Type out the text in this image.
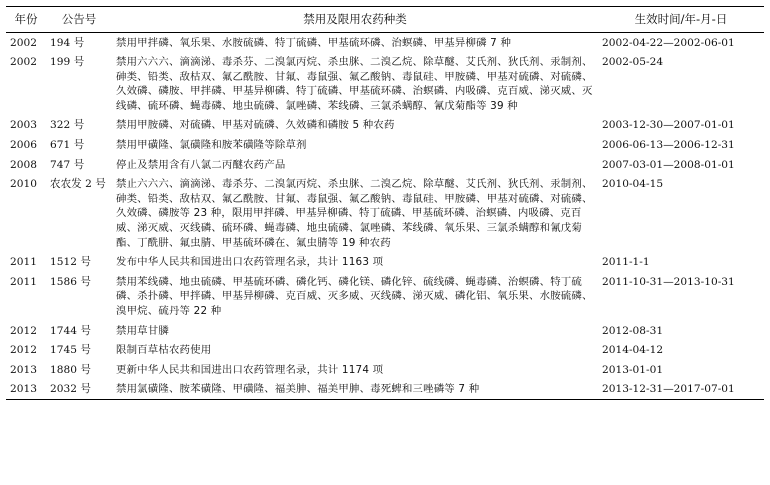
年份	公告号	禁用及限用农药种类	生效时间/年-月-日
2002	194 号	禁用甲拌磷、氧乐果、水胺硫磷、特丁硫磷、甲基硫环磷、治螟磷、甲基异柳磷 7 种	2002-04-22—2002-06-01
2002	199 号	禁用六六六、滴滴涕、毒杀芬、二溴氯丙烷、杀虫脒、二溴乙烷、除草醚、艾氏剂、狄氏剂、汞制剂、砷类、铅类、敌枯双、氟乙酰胺、甘氟、毒鼠强、氟乙酸钠、毒鼠硅、甲胺磷、甲基对硫磷、对硫磷、久效磷、磷胺、甲拌磷、甲基异柳磷、特丁硫磷、甲基硫环磷、治螟磷、内吸磷、克百威、涕灭威、灭线磷、硫环磷、蝇毒磷、地虫硫磷、氯唑磷、苯线磷、三氯杀螨醇、氰戊菊酯等 39 种	2002-05-24
2003	322 号	禁用甲胺磷、对硫磷、甲基对硫磷、久效磷和磷胺 5 种农药	2003-12-30—2007-01-01
2006	671 号	禁用甲磺隆、氯磺隆和胺苯磺隆等除草剂	2006-06-13—2006-12-31
2008	747 号	停止及禁用含有八氯二丙醚农药产品	2007-03-01—2008-01-01
2010	农农发 2 号	禁止六六六、滴滴涕、毒杀芬、二溴氯丙烷、杀虫脒、二溴乙烷、除草醚、艾氏剂、狄氏剂、汞制剂、砷类、铅类、敌枯双、氟乙酰胺、甘氟、毒鼠强、氟乙酸钠、毒鼠硅、甲胺磷、甲基对硫磷、对硫磷、久效磷、磷胺等 23 种，限用甲拌磷、甲基异柳磷、特丁硫磷、甲基硫环磷、治螟磷、内吸磷、克百威、涕灭威、灭线磷、硫环磷、蝇毒磷、地虫硫磷、氯唑磷、苯线磷、氧乐果、三氯杀螨醇和氰戊菊酯、丁酰肼、氟虫腈、甲基硫环磷在、氟虫腈等 19 种农药	2010-04-15
2011	1512 号	发布中华人民共和国进出口农药管理名录，共计 1163 项	2011-1-1
2011	1586 号	禁用苯线磷、地虫硫磷、甲基硫环磷、磷化钙、磷化镁、磷化锌、硫线磷、蝇毒磷、治螟磷、特丁硫磷、杀扑磷、甲拌磷、甲基异柳磷、克百威、灭多威、灭线磷、涕灭威、磷化铝、氧乐果、水胺硫磷、溴甲烷、硫丹等 22 种	2011-10-31—2013-10-31
2012	1744 号	禁用草甘膦	2012-08-31
2012	1745 号	限制百草枯农药使用	2014-04-12
2013	1880 号	更新中华人民共和国进出口农药管理名录，共计 1174 项	2013-01-01
2013	2032 号	禁用氯磺隆、胺苯磺隆、甲磺隆、福美胂、福美甲胂、毒死蜱和三唑磷等 7 种	2013-12-31—2017-07-01
